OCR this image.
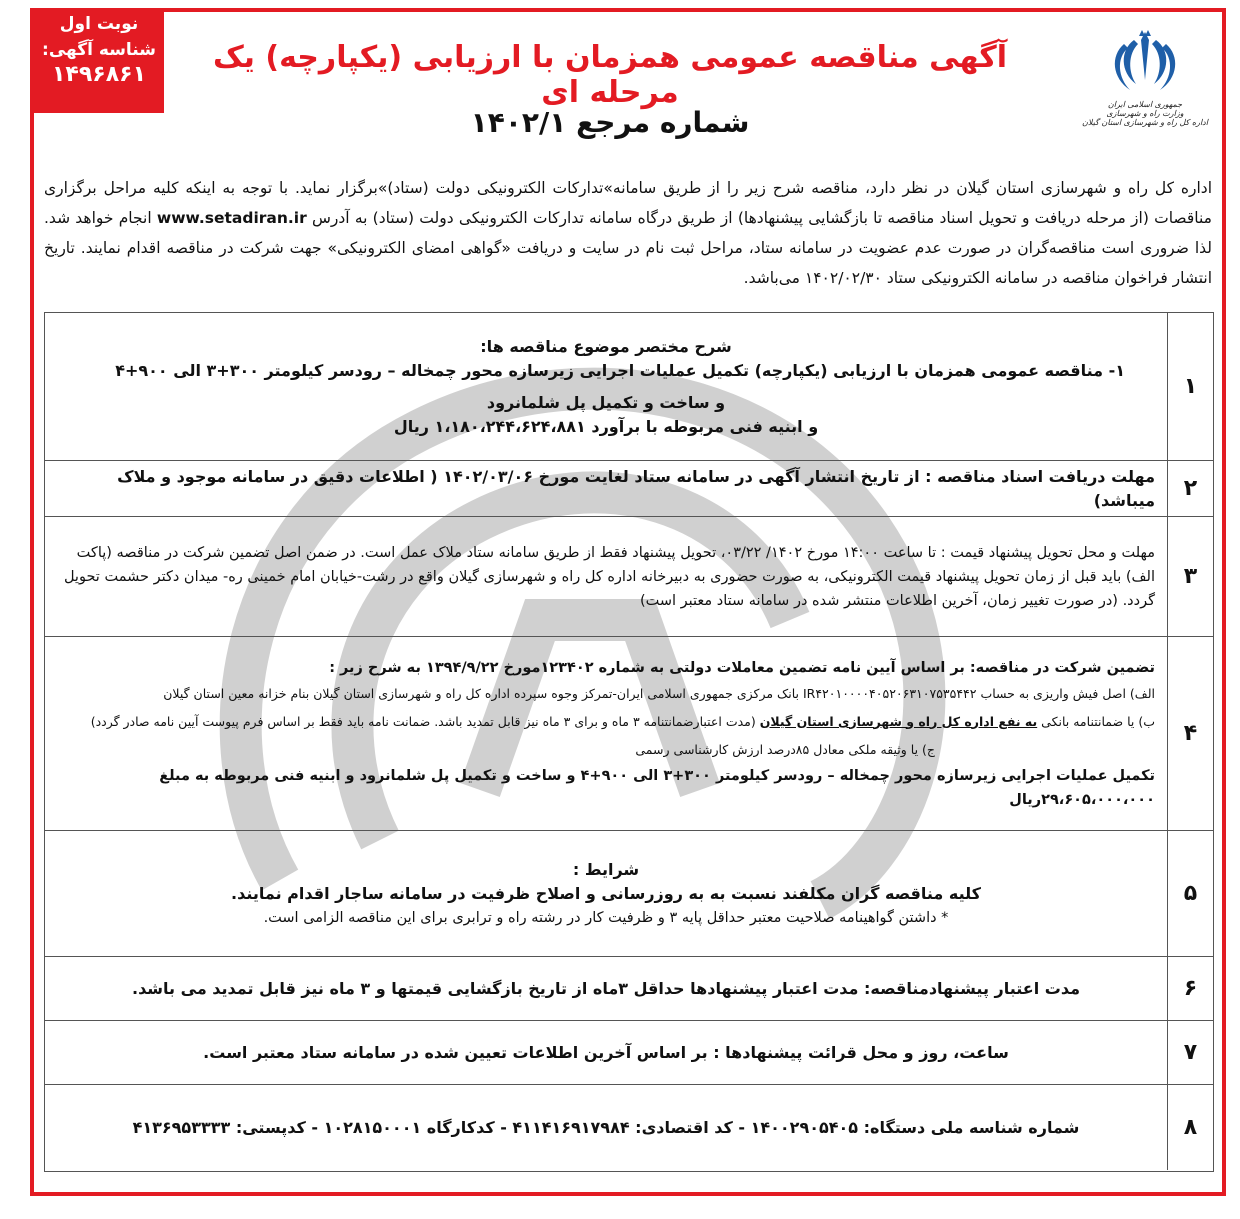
نوبت اول
شناسه آگهی:
۱۴۹۶۸۶۱
جمهوری اسلامی ایران
وزارت راه و شهرسازی
اداره کل راه و شهرسازی استان گیلان
آگهی مناقصه عمومی همزمان با ارزیابی (یکپارچه) یک مرحله ای
شماره مرجع ۱۴۰۲/۱
اداره کل راه و شهرسازی استان گیلان در نظر دارد، مناقصه شرح زیر را از طریق سامانه»تدارکات الکترونیکی دولت (ستاد)»برگزار نماید. با توجه به اینکه کلیه مراحل برگزاری مناقصات (از مرحله دریافت و تحویل اسناد مناقصه تا بازگشایی پیشنهادها) از طریق درگاه سامانه تدارکات الکترونیکی دولت (ستاد) به آدرس www.setadiran.ir انجام خواهد شد. لذا ضروری است مناقصه‌گران در صورت عدم عضویت در سامانه ستاد، مراحل ثبت نام در سایت و دریافت «گواهی امضای الکترونیکی» جهت شرکت در مناقصه اقدام نمایند. تاریخ انتشار فراخوان مناقصه در سامانه الکترونیکی ستاد ۱۴۰۲/۰۲/۳۰ می‌باشد.
۱
شرح مختصر موضوع مناقصه ها:
۱- مناقصه عمومی همزمان با ارزیابی (یکپارچه) تکمیل عملیات اجرایی زیرسازه محور چمخاله – رودسر کیلومتر ۳۰۰+۳ الی ۹۰۰+۴
و ساخت و تکمیل پل شلمانرود
و ابنیه فنی مربوطه با برآورد ۱،۱۸۰،۲۴۴،۶۲۴،۸۸۱ ریال
۲
مهلت دریافت اسناد مناقصه : از تاریخ انتشار آگهی در سامانه ستاد لغایت مورخ ۱۴۰۲/۰۳/۰۶ ( اطلاعات دقیق در سامانه موجود و ملاک میباشد)
۳
مهلت و محل تحویل پیشنهاد قیمت : تا ساعت ۱۴:۰۰ مورخ ۱۴۰۲/ ۰۳/۲۲، تحویل پیشنهاد فقط از طریق سامانه ستاد ملاک عمل است. در ضمن اصل تضمین شرکت در مناقصه (پاکت الف) باید قبل از زمان تحویل پیشنهاد قیمت الکترونیکی، به صورت حضوری به دبیرخانه اداره کل راه و شهرسازی گیلان واقع در رشت-خیابان امام خمینی ره- میدان دکتر حشمت تحویل گردد. (در صورت تغییر زمان، آخرین اطلاعات منتشر شده در سامانه ستاد معتبر است)
۴
تضمین شرکت در مناقصه: بر اساس آیین نامه تضمین معاملات دولتی به شماره ۱۲۳۴۰۲مورخ ۱۳۹۴/۹/۲۲ به شرح زیر :
الف) اصل فیش واریزی به حساب IR۴۲۰۱۰۰۰۰۴۰۵۲۰۶۳۱۰۷۵۳۵۴۴۲ بانک مرکزی جمهوری اسلامی ایران-تمرکز وجوه سپرده اداره کل راه و شهرسازی استان گیلان بنام خزانه معین استان گیلان
ب) یا ضمانتنامه بانکی به نفع اداره کل راه و شهرسازی استان گیلان (مدت اعتبارضمانتنامه ۳ ماه و برای ۳ ماه نیز قابل تمدید باشد. ضمانت نامه باید فقط بر اساس فرم پیوست آیین نامه صادر گردد)
ج) یا وثیقه ملکی معادل ۸۵درصد ارزش کارشناسی رسمی
تکمیل عملیات اجرایی زیرسازه محور چمخاله – رودسر کیلومتر ۳۰۰+۳ الی ۹۰۰+۴ و ساخت و تکمیل پل شلمانرود و ابنیه فنی مربوطه به مبلغ ۲۹،۶۰۵،۰۰۰،۰۰۰ریال
۵
شرایط :
کلیه مناقصه گران مکلفند نسبت به به روزرسانی و اصلاح ظرفیت در سامانه ساجار اقدام نمایند.
* داشتن گواهینامه صلاحیت معتبر حداقل پایه ۳ و ظرفیت کار در رشته راه و ترابری برای این مناقصه الزامی است.
۶
مدت اعتبار پیشنهادمناقصه: مدت اعتبار پیشنهادها حداقل ۳ماه از تاریخ بازگشایی قیمتها و ۳ ماه نیز قابل تمدید می باشد.
۷
ساعت، روز و محل قرائت پیشنهادها : بر اساس آخرین اطلاعات تعیین شده در سامانه ستاد معتبر است.
۸
شماره شناسه ملی دستگاه: ۱۴۰۰۲۹۰۵۴۰۵ - کد اقتصادی: ۴۱۱۴۱۶۹۱۷۹۸۴ - کدکارگاه ۱۰۲۸۱۵۰۰۰۱ - کدپستی: ۴۱۳۶۹۵۳۳۳۳
